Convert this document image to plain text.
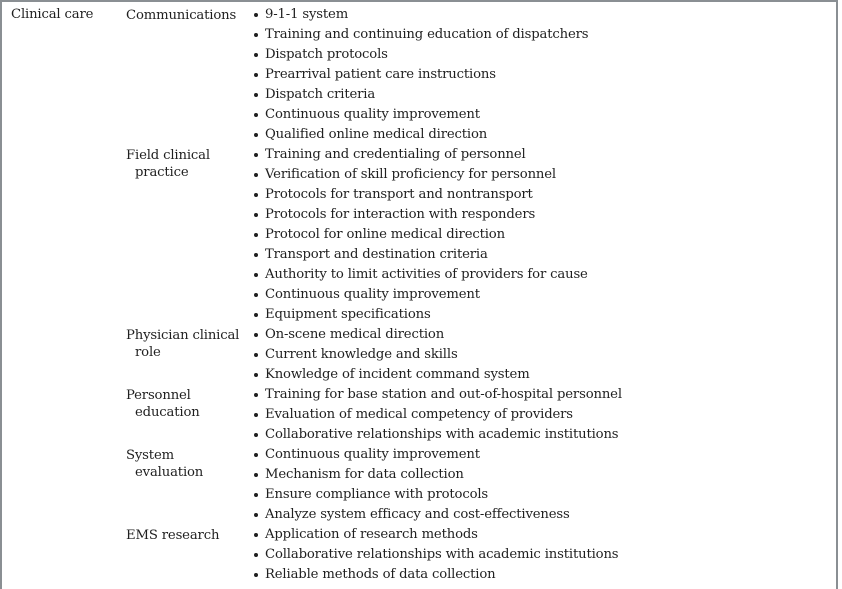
Clinical care Communications	9-1-1 system
Training and continuing education of dispatchers
Dispatch protocols
Prearrival patient care instructions
Dispatch criteria
Continuous quality improvement
Qualified online medical direction
Field clinical
practice
Training and credentialing of personnel
Verification of skill proficiency for personnel
Protocols for transport and nontransport
Protocols for interaction with responders
Protocol for online medical direction
Transport and destination criteria
Authority to limit activities of providers for cause
Continuous quality improvement
Equipment specifications
Physician clinical
role
On-scene medical direction
Current knowledge and skills
Knowledge of incident command system
Personnel
education
Training for base station and out-of-hospital personnel
Evaluation of medical competency of providers
Collaborative relationships with academic institutions
System
evaluation
Continuous quality improvement
Mechanism for data collection
Ensure compliance with protocols
Analyze system efficacy and cost-effectiveness
EMS research	Application of research methods
Collaborative relationships with academic institutions
Reliable methods of data collection
